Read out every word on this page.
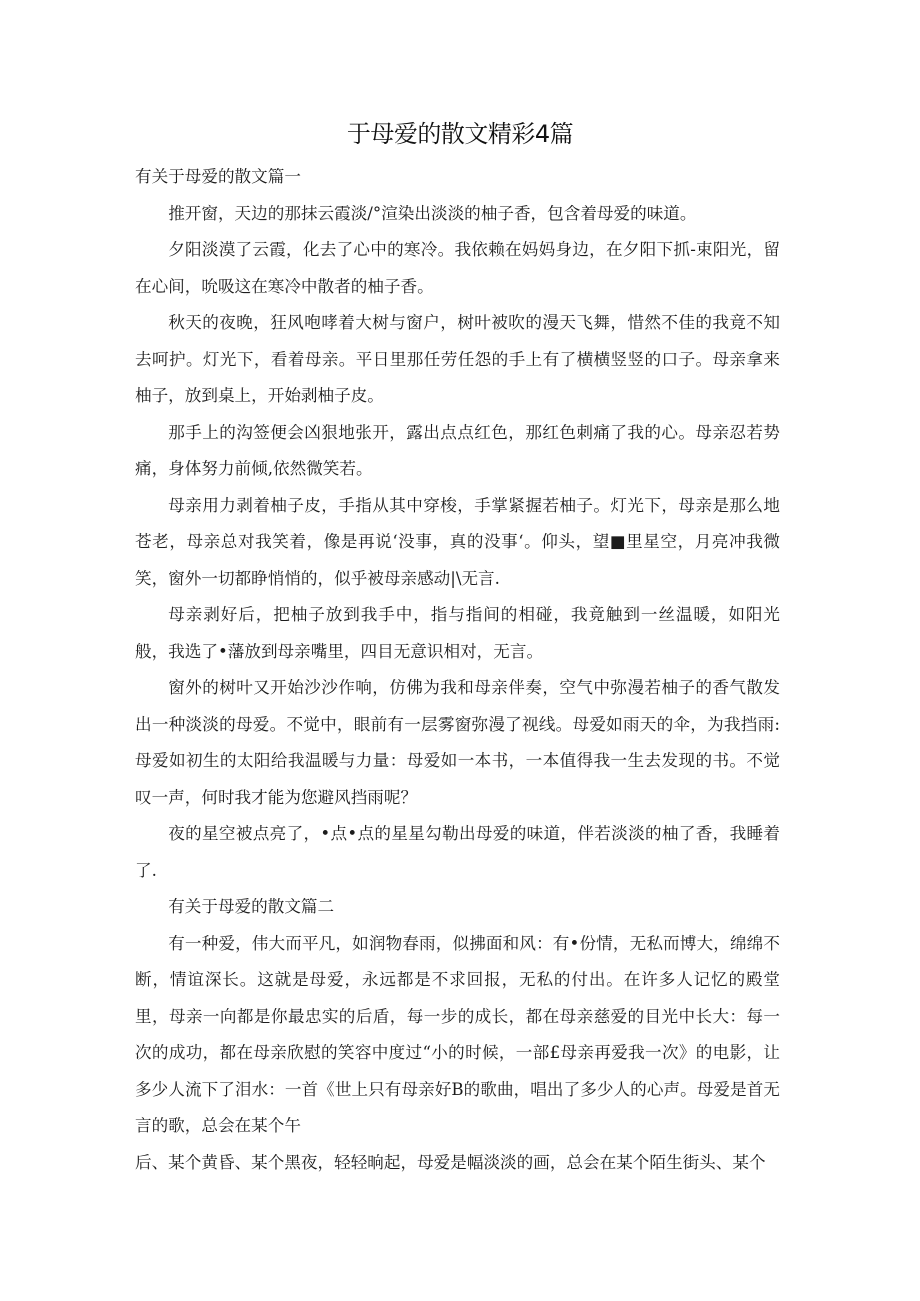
于母爱的散文精彩4篇

有关于母爱的散文篇一

推开窗，天边的那抹云霞淡/°渲染出淡淡的柚子香，包含着母爱的味道。

夕阳淡漠了云霞，化去了心中的寒冷。我依赖在妈妈身边，在夕阳下抓-束阳光，留在心间，吮吸这在寒冷中散者的柚子香。

秋天的夜晚，狂风咆哮着大树与窗户，树叶被吹的漫天飞舞，惜然不佳的我竟不知去呵护。灯光下，看着母亲。平日里那任劳任怨的手上有了横横竖竖的口子。母亲拿来柚子，放到桌上，开始剥柚子皮。

那手上的沟签便会凶狠地张开，露出点点红色，那红色刺痛了我的心。母亲忍若势痛，身体努力前倾,依然微笑若。

母亲用力剥着柚子皮，手指从其中穿梭，手掌紧握若柚子。灯光下，母亲是那么地苍老，母亲总对我笑着，像是再说‘没事，真的没事‘。仰头，望■里星空，月亮冲我微笑，窗外一切都睁悄悄的，似乎被母亲感动|\无言.

母亲剥好后，把柚子放到我手中，指与指间的相碰，我竟触到一丝温暖，如阳光般，我选了•藩放到母亲嘴里，四目无意识相对，无言。

窗外的树叶又开始沙沙作响，仿佛为我和母亲伴奏，空气中弥漫若柚子的香气散发出一种淡淡的母爱。不觉中，眼前有一层雾窗弥漫了视线。母爱如雨天的伞，为我挡雨:母爱如初生的太阳给我温暖与力量：母爱如一本书，一本值得我一生去发现的书。不觉叹一声，何时我才能为您避风挡雨呢？

夜的星空被点亮了，•点•点的星星勾勒出母爱的味道，伴若淡淡的柚了香，我睡着了.

有关于母爱的散文篇二

有一种爱，伟大而平凡，如润物春雨，似拂面和风：有•份情，无私而博大，绵绵不断，情谊深长。这就是母爱，永远都是不求回报，无私的付出。在许多人记忆的殿堂里，母亲一向都是你最忠实的后盾，每一步的成长，都在母亲慈爱的目光中长大：每一次的成功，都在母亲欣慰的笑容中度过“小的时候，一部£母亲再爱我一次》的电影，让多少人流下了泪水：一首《世上只有母亲好B的歌曲，唱出了多少人的心声。母爱是首无言的歌，总会在某个午

后、某个黄昏、某个黑夜，轻轻晌起，母爱是幅淡淡的画，总会在某个陌生街头、某个
